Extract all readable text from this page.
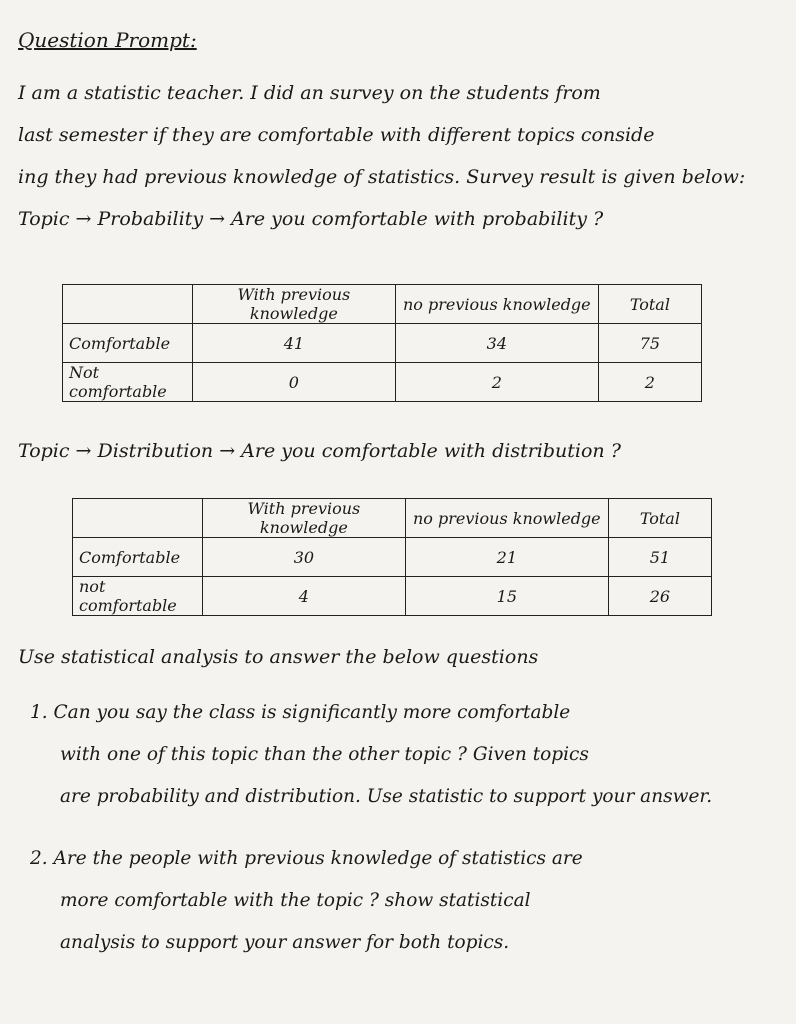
Question Prompt:
I am a statistic teacher. I did an survey on the students from
last semester if they are comfortable with different topics conside
ing they had previous knowledge of statistics. Survey result is given below:
Topic → Probability → Are you comfortable with probability ?
	With previous knowledge	no previous knowledge	Total
Comfortable	41	34	75
Not comfortable	0	2	2
Topic → Distribution → Are you comfortable with distribution ?
	With previous knowledge	no previous knowledge	Total
Comfortable	30	21	51
not comfortable	4	15	26
Use statistical analysis to answer the below questions
1. Can you say the class is significantly more comfortable
with one of this topic than the other topic ? Given topics
are probability and distribution. Use statistic to support your answer.
2. Are the people with previous knowledge of statistics are
more comfortable with the topic ? show statistical
analysis to support your answer for both topics.
